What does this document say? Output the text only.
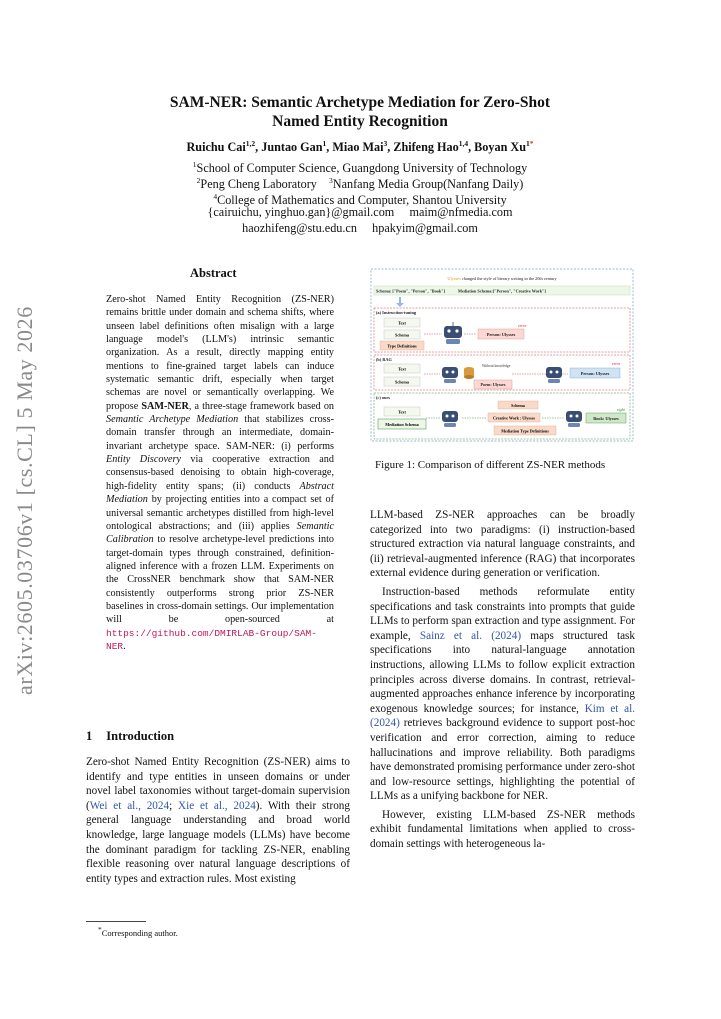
arXiv:2605.03706v1 [cs.CL] 5 May 2026
SAM-NER: Semantic Archetype Mediation for Zero-Shot
Named Entity Recognition
Ruichu Cai$^{1,2}$, Juntao Gan$^1$, Miao Mai$^3$, Zhifeng Hao$^{1,4}$, Boyan $Xu^{1*}$
$^1$School of Computer Science, Guangdong University of Technology
$^2$Peng Cheng Laboratory $^3$Nanfang Media Group(Nanfang Daily)
$^4$College of Mathematics and Computer, Shantou University
{cairuichu, yinghuo.gan}@gmail.com     maim@nfmedia.com
haozhifeng@stu.edu.cn     hpakyim@gmail.com
Abstract
Zero-shot Named Entity Recognition (ZS-NER) remains brittle under domain and schema shifts, where unseen label definitions often misalign with a large language model's (LLM's) intrinsic semantic organization. As a result, directly mapping entity mentions to fine-grained target labels can induce systematic semantic drift, especially when target schemas are novel or semantically overlapping. We propose SAM-NER, a three-stage framework based on Semantic Archetype Mediation that stabilizes cross-domain transfer through an intermediate, domain-invariant archetype space. SAM-NER: (i) performs Entity Discovery via cooperative extraction and consensus-based denoising to obtain high-coverage, high-fidelity entity spans; (ii) conducts Abstract Mediation by projecting entities into a compact set of universal semantic archetypes distilled from high-level ontological abstractions; and (iii) applies Semantic Calibration to resolve archetype-level predictions into target-domain types through constrained, definition-aligned inference with a frozen LLM. Experiments on the CrossNER benchmark show that SAM-NER consistently outperforms strong prior ZS-NER baselines in cross-domain settings. Our implementation will be open-sourced at https://github.com/DMIRLAB-Group/SAM-NER.
1 Introduction
Zero-shot Named Entity Recognition (ZS-NER) aims to identify and type entities in unseen domains or under novel label taxonomies without target-domain supervision (Wei et al., 2024; Xie et al., 2024). With their strong general language understanding and broad world knowledge, large language models (LLMs) have become the dominant paradigm for tackling ZS-NER, enabling flexible reasoning over natural language descriptions of entity types and extraction rules. Most existing
*Corresponding author.
Ulysses changed the style of literary writing in the 20th century
Schema: ["Poem", "Person", "Book"]	Mediation Schema:["Person", "Creative Work"]
(a) Instruction-tuning
Text
Schema
Type Definitions
Person: Ulysses
error
(b) RAG
Text
Schema
Without knowledge
Poem: Ulysses
Person: Ulysses
error
(c) ours
Text
Mediation Schema
Schema
Creative Work : Ulysses
Mediation Type Definitions
Book: Ulysses
right
Figure 1: Comparison of different ZS-NER methods

LLM-based ZS-NER approaches can be broadly categorized into two paradigms: (i) instruction-based structured extraction via natural language constraints, and (ii) retrieval-augmented inference (RAG) that incorporates external evidence during generation or verification.

Instruction-based methods reformulate entity specifications and task constraints into prompts that guide LLMs to perform span extraction and type assignment. For example, Sainz et al. (2024) maps structured task specifications into natural-language annotation instructions, allowing LLMs to follow explicit extraction principles across diverse domains. In contrast, retrieval-augmented approaches enhance inference by incorporating exogenous knowledge sources; for instance, Kim et al. (2024) retrieves background evidence to support post-hoc verification and error correction, aiming to reduce hallucinations and improve reliability. Both paradigms have demonstrated promising performance under zero-shot and low-resource settings, highlighting the potential of LLMs as a unifying backbone for NER.

However, existing LLM-based ZS-NER methods exhibit fundamental limitations when applied to cross-domain settings with heterogeneous la-
